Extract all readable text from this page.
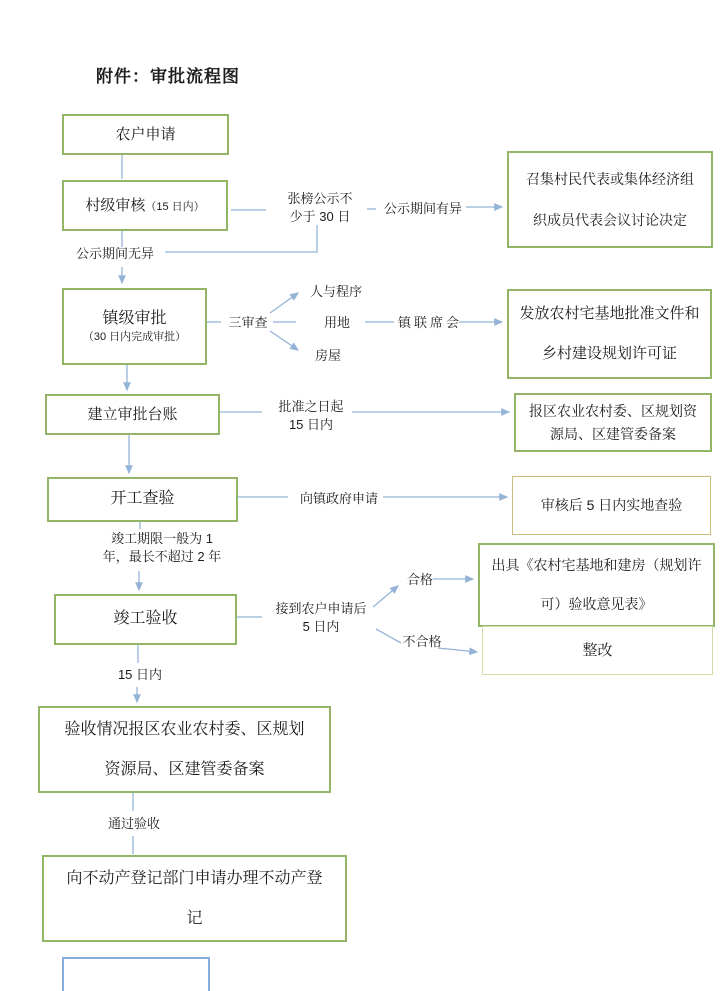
附件：审批流程图
农户申请
村级审核（15 日内）
镇级审批
（30 日内完成审批）
建立审批台账
开工查验
竣工验收
验收情况报区农业农村委、区规划
资源局、区建管委备案
向不动产登记部门申请办理不动产登
记
召集村民代表或集体经济组
织成员代表会议讨论决定
发放农村宅基地批准文件和
乡村建设规划许可证
报区农业农村委、区规划资
源局、区建管委备案
审核后 5 日内实地查验
出具《农村宅基地和建房（规划许
可）验收意见表》
整改
张榜公示不
少于 30 日
公示期间有异
公示期间无异
三审查
人与程序
用地
房屋
镇联席会
批准之日起
15 日内
向镇政府申请
竣工期限一般为 1
年，最长不超过 2 年
接到农户申请后
5 日内
合格
不合格
15 日内
通过验收
